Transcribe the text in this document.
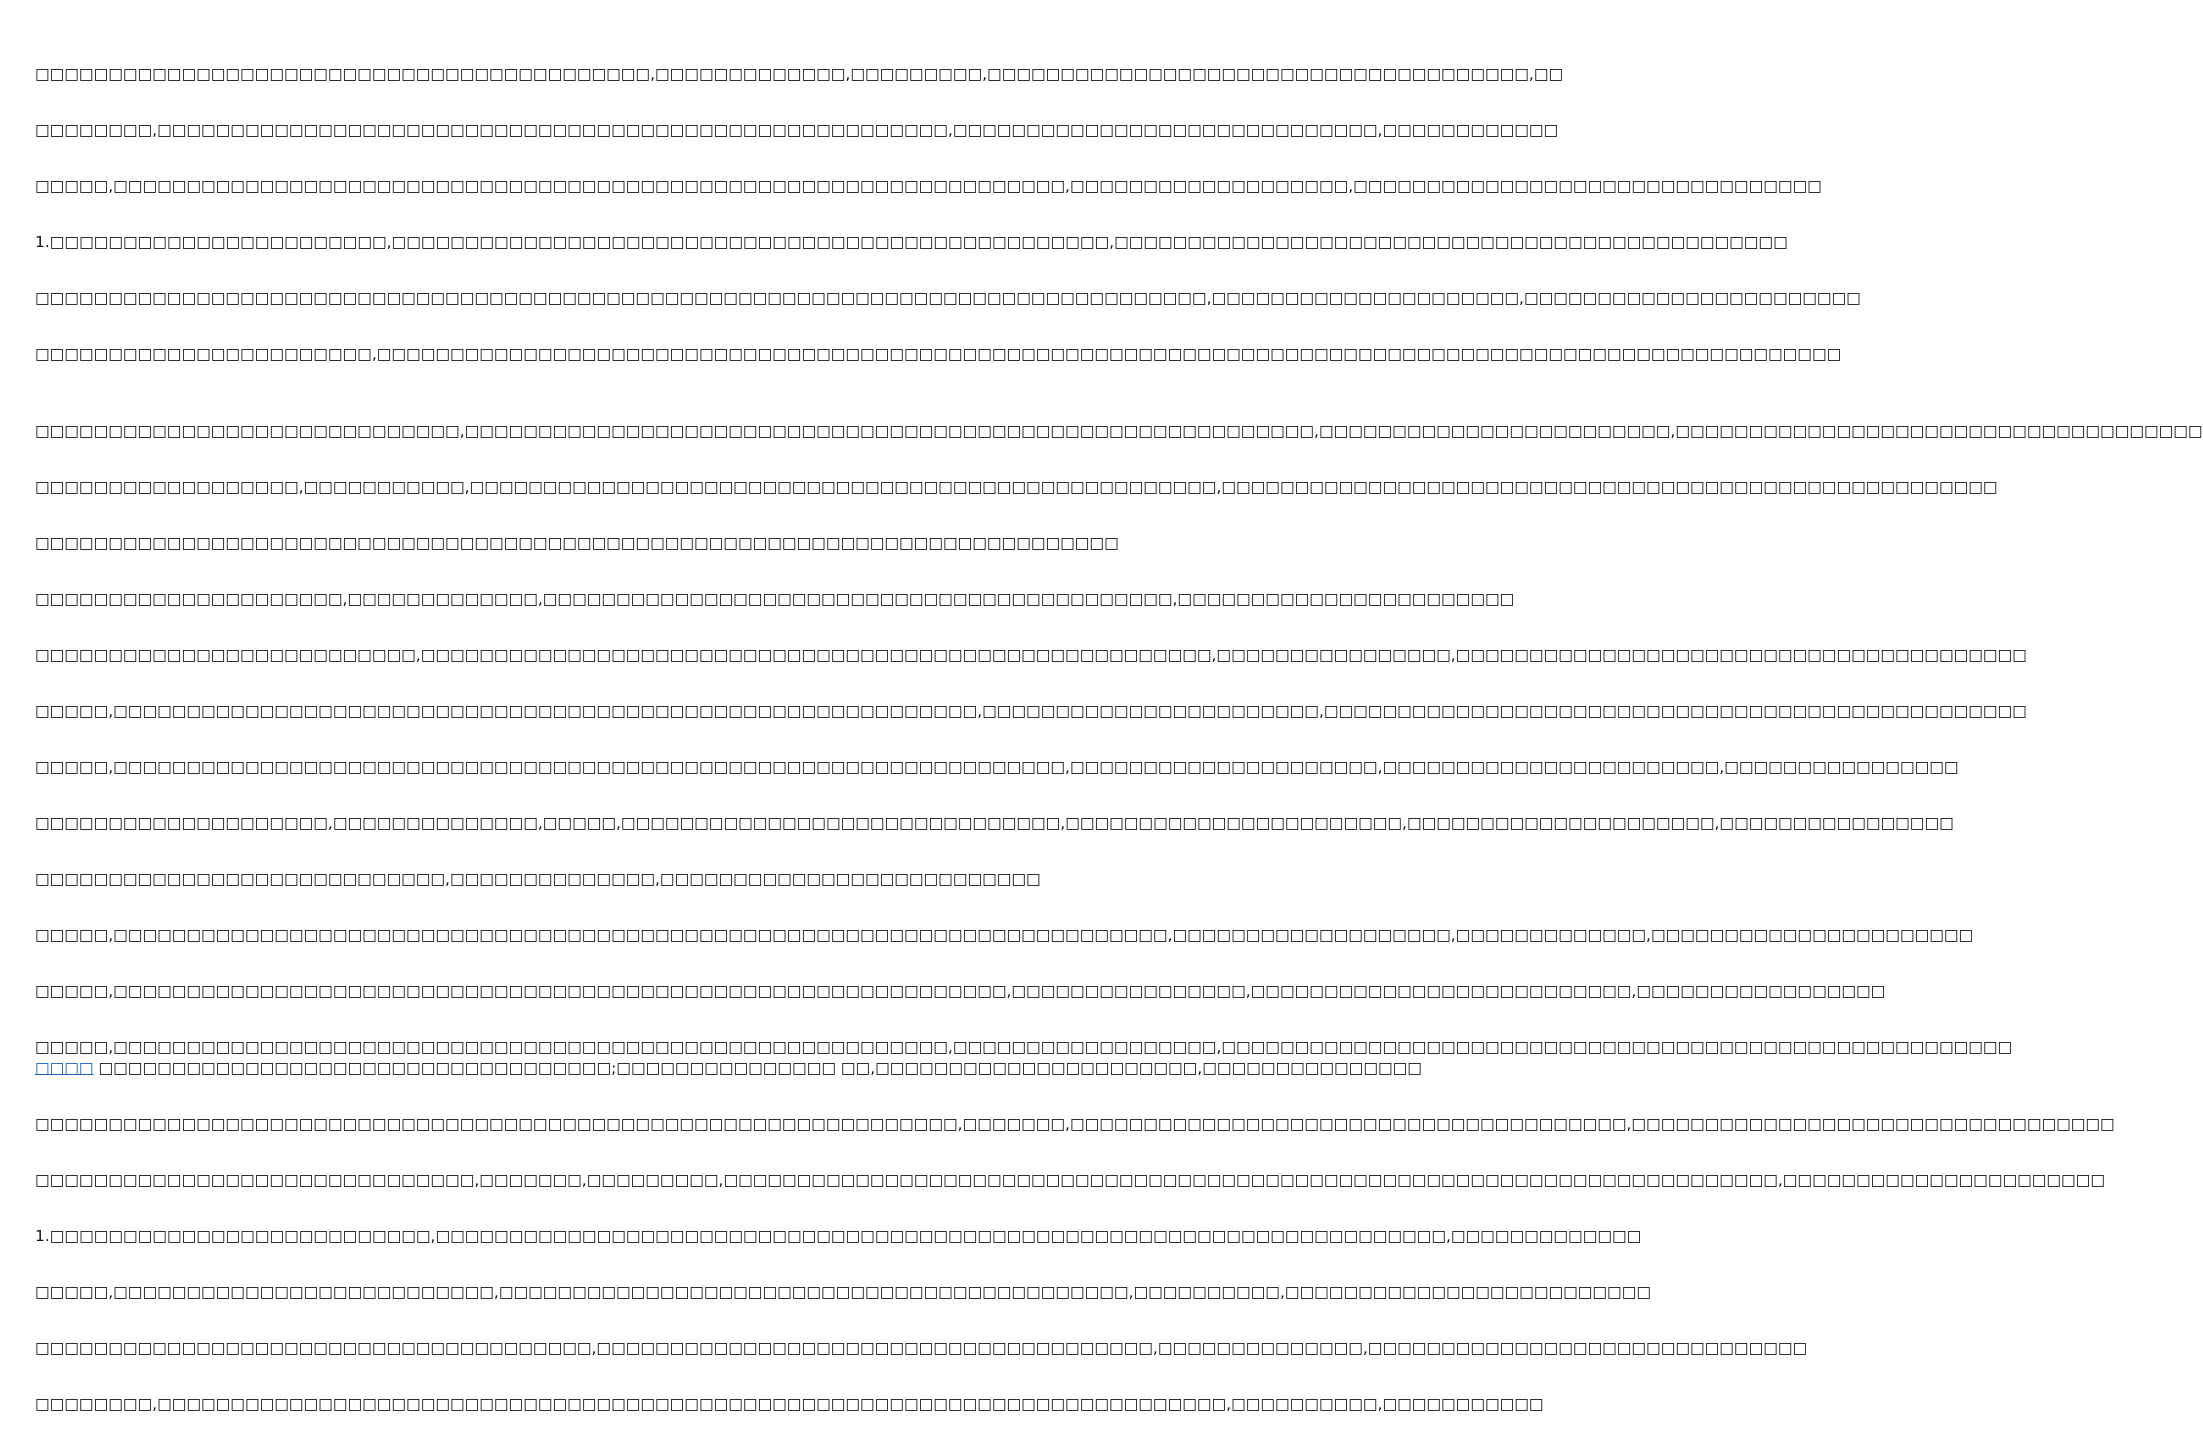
□□□□□□□□□□□□□□□□□□□□□□□□□□□□□□□□□□□□□□□□□□,□□□□□□□□□□□□□,□□□□□□□□□,□□□□□□□□□□□□□□□□□□□□□□□□□□□□□□□□□□□□□,□□

□□□□□□□□,□□□□□□□□□□□□□□□□□□□□□□□□□□□□□□□□□□□□□□□□□□□□□□□□□□□□□□,□□□□□□□□□□□□□□□□□□□□□□□□□□□□□,□□□□□□□□□□□□

□□□□□,□□□□□□□□□□□□□□□□□□□□□□□□□□□□□□□□□□□□□□□□□□□□□□□□□□□□□□□□□□□□□□□□□,□□□□□□□□□□□□□□□□□□□,□□□□□□□□□□□□□□□□□□□□□□□□□□□□□□□□

1.□□□□□□□□□□□□□□□□□□□□□□□,□□□□□□□□□□□□□□□□□□□□□□□□□□□□□□□□□□□□□□□□□□□□□□□□□,□□□□□□□□□□□□□□□□□□□□□□□□□□□□□□□□□□□□□□□□□□□□□□

□□□□□□□□□□□□□□□□□□□□□□□□□□□□□□□□□□□□□□□□□□□□□□□□□□□□□□□□□□□□□□□□□□□□□□□□□□□□□□□□,□□□□□□□□□□□□□□□□□□□□□,□□□□□□□□□□□□□□□□□□□□□□□

□□□□□□□□□□□□□□□□□□□□□□□,□□□□□□□□□□□□□□□□□□□□□□□□□□□□□□□□□□□□□□□□□□□□□□□□□□□□□□□□□□□□□□□□□□□□□□□□□□□□□□□□□□□□□□□□□□□□□□□□□□□□

□□□□□□□□□□□□□□□□□□□□□□□□□□□□□,□□□□□□□□□□□□□□□□□□□□□□□□□□□□□□□□□□□□□□□□□□□□□□□□□□□□□□□□□□,□□□□□□□□□□□□□□□□□□□□□□□□,□□□□□□□□□□□□□□□□□□□□□□□□□□□□□□□□□□□□

□□□□□□□□□□□□□□□□□□,□□□□□□□□□□□,□□□□□□□□□□□□□□□□□□□□□□□□□□□□□□□□□□□□□□□□□□□□□□□□□□□,□□□□□□□□□□□□□□□□□□□□□□□□□□□□□□□□□□□□□□□□□□□□□□□□□□□□□

□□□□□□□□□□□□□□□□□□□□□□□□□□□□□□□□□□□□□□□□□□□□□□□□□□□□□□□□□□□□□□□□□□□□□□□□□□

□□□□□□□□□□□□□□□□□□□□□,□□□□□□□□□□□□□,□□□□□□□□□□□□□□□□□□□□□□□□□□□□□□□□□□□□□□□□□□□,□□□□□□□□□□□□□□□□□□□□□□□

□□□□□□□□□□□□□□□□□□□□□□□□□□,□□□□□□□□□□□□□□□□□□□□□□□□□□□□□□□□□□□□□□□□□□□□□□□□□□□□□□,□□□□□□□□□□□□□□□□,□□□□□□□□□□□□□□□□□□□□□□□□□□□□□□□□□□□□□□□

□□□□□,□□□□□□□□□□□□□□□□□□□□□□□□□□□□□□□□□□□□□□□□□□□□□□□□□□□□□□□□□□□,□□□□□□□□□□□□□□□□□□□□□□□,□□□□□□□□□□□□□□□□□□□□□□□□□□□□□□□□□□□□□□□□□□□□□□□□

□□□□□,□□□□□□□□□□□□□□□□□□□□□□□□□□□□□□□□□□□□□□□□□□□□□□□□□□□□□□□□□□□□□□□□□,□□□□□□□□□□□□□□□□□□□□□,□□□□□□□□□□□□□□□□□□□□□□□,□□□□□□□□□□□□□□□□

□□□□□□□□□□□□□□□□□□□□,□□□□□□□□□□□□□□,□□□□□,□□□□□□□□□□□□□□□□□□□□□□□□□□□□□□,□□□□□□□□□□□□□□□□□□□□□□□,□□□□□□□□□□□□□□□□□□□□□,□□□□□□□□□□□□□□□□

□□□□□□□□□□□□□□□□□□□□□□□□□□□□,□□□□□□□□□□□□□□,□□□□□□□□□□□□□□□□□□□□□□□□□□

□□□□□,□□□□□□□□□□□□□□□□□□□□□□□□□□□□□□□□□□□□□□□□□□□□□□□□□□□□□□□□□□□□□□□□□□□□□□□□,□□□□□□□□□□□□□□□□□□□,□□□□□□□□□□□□□,□□□□□□□□□□□□□□□□□□□□□□

□□□□□,□□□□□□□□□□□□□□□□□□□□□□□□□□□□□□□□□□□□□□□□□□□□□□□□□□□□□□□□□□□□□,□□□□□□□□□□□□□□□□,□□□□□□□□□□□□□□□□□□□□□□□□□□,□□□□□□□□□□□□□□□□□

□□□□□,□□□□□□□□□□□□□□□□□□□□□□□□□□□□□□□□□□□□□□□□□□□□□□□□□□□□□□□□□,□□□□□□□□□□□□□□□□□□,□□□□□□□□□□□□□□□□□□□□□□□□□□□□□□□□□□□□□□□□□□□□□□□□□□□□□□

□□□□ □□□□□□□□□□□□□□□□□□□□□□□□□□□□□□□□□□□;□□□□□□□□□□□□□□□ □□,□□□□□□□□□□□□□□□□□□□□□□,□□□□□□□□□□□□□□□

□□□□□□□□□□□□□□□□□□□□□□□□□□□□□□□□□□□□□□□□□□□□□□□□□□□□□□□□□□□□□□□,□□□□□□□,□□□□□□□□□□□□□□□□□□□□□□□□□□□□□□□□□□□□□□,□□□□□□□□□□□□□□□□□□□□□□□□□□□□□□□□□

□□□□□□□□□□□□□□□□□□□□□□□□□□□□□□,□□□□□□□,□□□□□□□□□,□□□□□□□□□□□□□□□□□□□□□□□□□□□□□□□□□□□□□□□□□□□□□□□□□□□□□□□□□□□□□□□□□□□□□□□□,□□□□□□□□□□□□□□□□□□□□□□

1.□□□□□□□□□□□□□□□□□□□□□□□□□□,□□□□□□□□□□□□□□□□□□□□□□□□□□□□□□□□□□□□□□□□□□□□□□□□□□□□□□□□□□□□□□□□□□□□□,□□□□□□□□□□□□□

□□□□□,□□□□□□□□□□□□□□□□□□□□□□□□□□,□□□□□□□□□□□□□□□□□□□□□□□□□□□□□□□□□□□□□□□□□□□,□□□□□□□□□□,□□□□□□□□□□□□□□□□□□□□□□□□□

□□□□□□□□□□□□□□□□□□□□□□□□□□□□□□□□□□□□□□,□□□□□□□□□□□□□□□□□□□□□□□□□□□□□□□□□□□□□□,□□□□□□□□□□□□□□,□□□□□□□□□□□□□□□□□□□□□□□□□□□□□□

□□□□□□□□,□□□□□□□□□□□□□□□□□□□□□□□□□□□□□□□□□□□□□□□□□□□□□□□□□□□□□□□□□□□□□□□□□□□□□□□□□,□□□□□□□□□□,□□□□□□□□□□□
